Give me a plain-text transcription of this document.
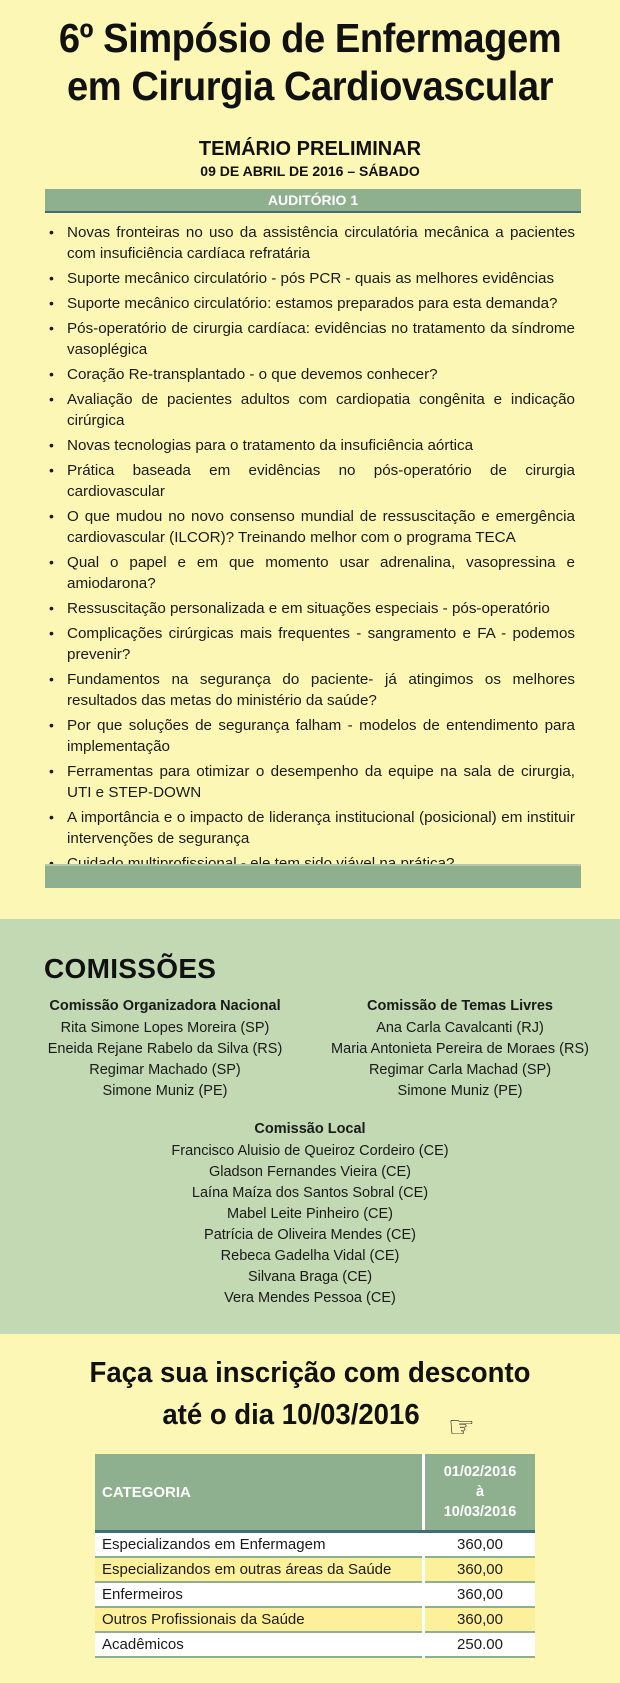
6º Simpósio de Enfermagem
em Cirurgia Cardiovascular
TEMÁRIO PRELIMINAR
09 DE ABRIL DE 2016 – SÁBADO
AUDITÓRIO 1
• Novas fronteiras no uso da assistência circulatória mecânica a pacientes com insuficiência cardíaca refratária
• Suporte mecânico circulatório - pós PCR - quais as melhores evidências
• Suporte mecânico circulatório: estamos preparados para esta demanda?
• Pós-operatório de cirurgia cardíaca: evidências no tratamento da síndrome vasoplégica
• Coração Re-transplantado - o que devemos conhecer?
• Avaliação de pacientes adultos com cardiopatia congênita e indicação cirúrgica
• Novas tecnologias para o tratamento da insuficiência aórtica
• Prática baseada em evidências no pós-operatório de cirurgia cardiovascular
• O que mudou no novo consenso mundial de ressuscitação e emergência cardiovascular (ILCOR)? Treinando melhor com o programa TECA
• Qual o papel e em que momento usar adrenalina, vasopressina e amiodarona?
• Ressuscitação personalizada e em situações especiais - pós-operatório
• Complicações cirúrgicas mais frequentes - sangramento e FA - podemos prevenir?
• Fundamentos na segurança do paciente- já atingimos os melhores resultados das metas do ministério da saúde?
• Por que soluções de segurança falham - modelos de entendimento para implementação
• Ferramentas para otimizar o desempenho da equipe na sala de cirurgia, UTI e STEP-DOWN
• A importância e o impacto de liderança institucional (posicional) em instituir intervenções de segurança
•
COMISSÕES
Comissão Organizadora Nacional
Rita Simone Lopes Moreira (SP)
Eneida Rejane Rabelo da Silva (RS)
Regimar Machado (SP)
Simone Muniz (PE)
Comissão de Temas Livres
Ana Carla Cavalcanti (RJ)
Maria Antonieta Pereira de Moraes (RS)
Regimar Carla Machad (SP)
Simone Muniz (PE)
Comissão Local
Francisco Aluisio de Queiroz Cordeiro (CE)
Gladson Fernandes Vieira (CE)
Laína Maíza dos Santos Sobral (CE)
Mabel Leite Pinheiro (CE)
Patrícia de Oliveira Mendes (CE)
Rebeca Gadelha Vidal (CE)
Silvana Braga (CE)
Vera Mendes Pessoa (CE)
Faça sua inscrição com desconto
até o dia 10/03/2016 ☞
CATEGORIA	01/02/2016
à
10/03/2016

Especializandos em Enfermagem	360,00
Especializandos em outras áreas da Saúde	360,00
Enfermeiros	360,00
Outros Profissionais da Saúde	360,00
Acadêmicos	250.00
